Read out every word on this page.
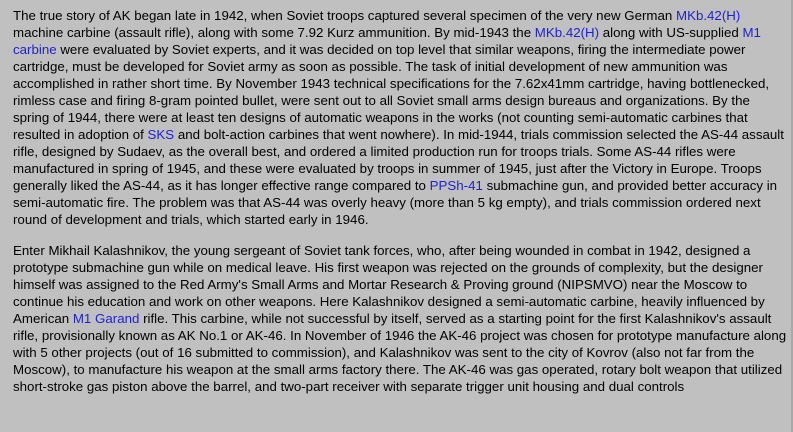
The true story of AK began late in 1942, when Soviet troops captured several specimen of the very new German MKb.42(H) machine carbine (assault rifle), along with some 7.92 Kurz ammunition. By mid-1943 the MKb.42(H) along with US-supplied M1 carbine were evaluated by Soviet experts, and it was decided on top level that similar weapons, firing the intermediate power cartridge, must be developed for Soviet army as soon as possible. The task of initial development of new ammunition was accomplished in rather short time. By November 1943 technical specifications for the 7.62x41mm cartridge, having bottlenecked, rimless case and firing 8-gram pointed bullet, were sent out to all Soviet small arms design bureaus and organizations. By the spring of 1944, there were at least ten designs of automatic weapons in the works (not counting semi-automatic carbines that resulted in adoption of SKS and bolt-action carbines that went nowhere). In mid-1944, trials commission selected the AS-44 assault rifle, designed by Sudaev, as the overall best, and ordered a limited production run for troops trials. Some AS-44 rifles were manufactured in spring of 1945, and these were evaluated by troops in summer of 1945, just after the Victory in Europe. Troops generally liked the AS-44, as it has longer effective range compared to PPSh-41 submachine gun, and provided better accuracy in semi-automatic fire. The problem was that AS-44 was overly heavy (more than 5 kg empty), and trials commission ordered next round of development and trials, which started early in 1946.

Enter Mikhail Kalashnikov, the young sergeant of Soviet tank forces, who, after being wounded in combat in 1942, designed a prototype submachine gun while on medical leave. His first weapon was rejected on the grounds of complexity, but the designer himself was assigned to the Red Army's Small Arms and Mortar Research & Proving ground (NIPSMVO) near the Moscow to continue his education and work on other weapons. Here Kalashnikov designed a semi-automatic carbine, heavily influenced by American M1 Garand rifle. This carbine, while not successful by itself, served as a starting point for the first Kalashnikov's assault rifle, provisionally known as AK No.1 or AK-46. In November of 1946 the AK-46 project was chosen for prototype manufacture along with 5 other projects (out of 16 submitted to commission), and Kalashnikov was sent to the city of Kovrov (also not far from the Moscow), to manufacture his weapon at the small arms factory there. The AK-46 was gas operated, rotary bolt weapon that utilized short-stroke gas piston above the barrel, and two-part receiver with separate trigger unit housing and dual controls
